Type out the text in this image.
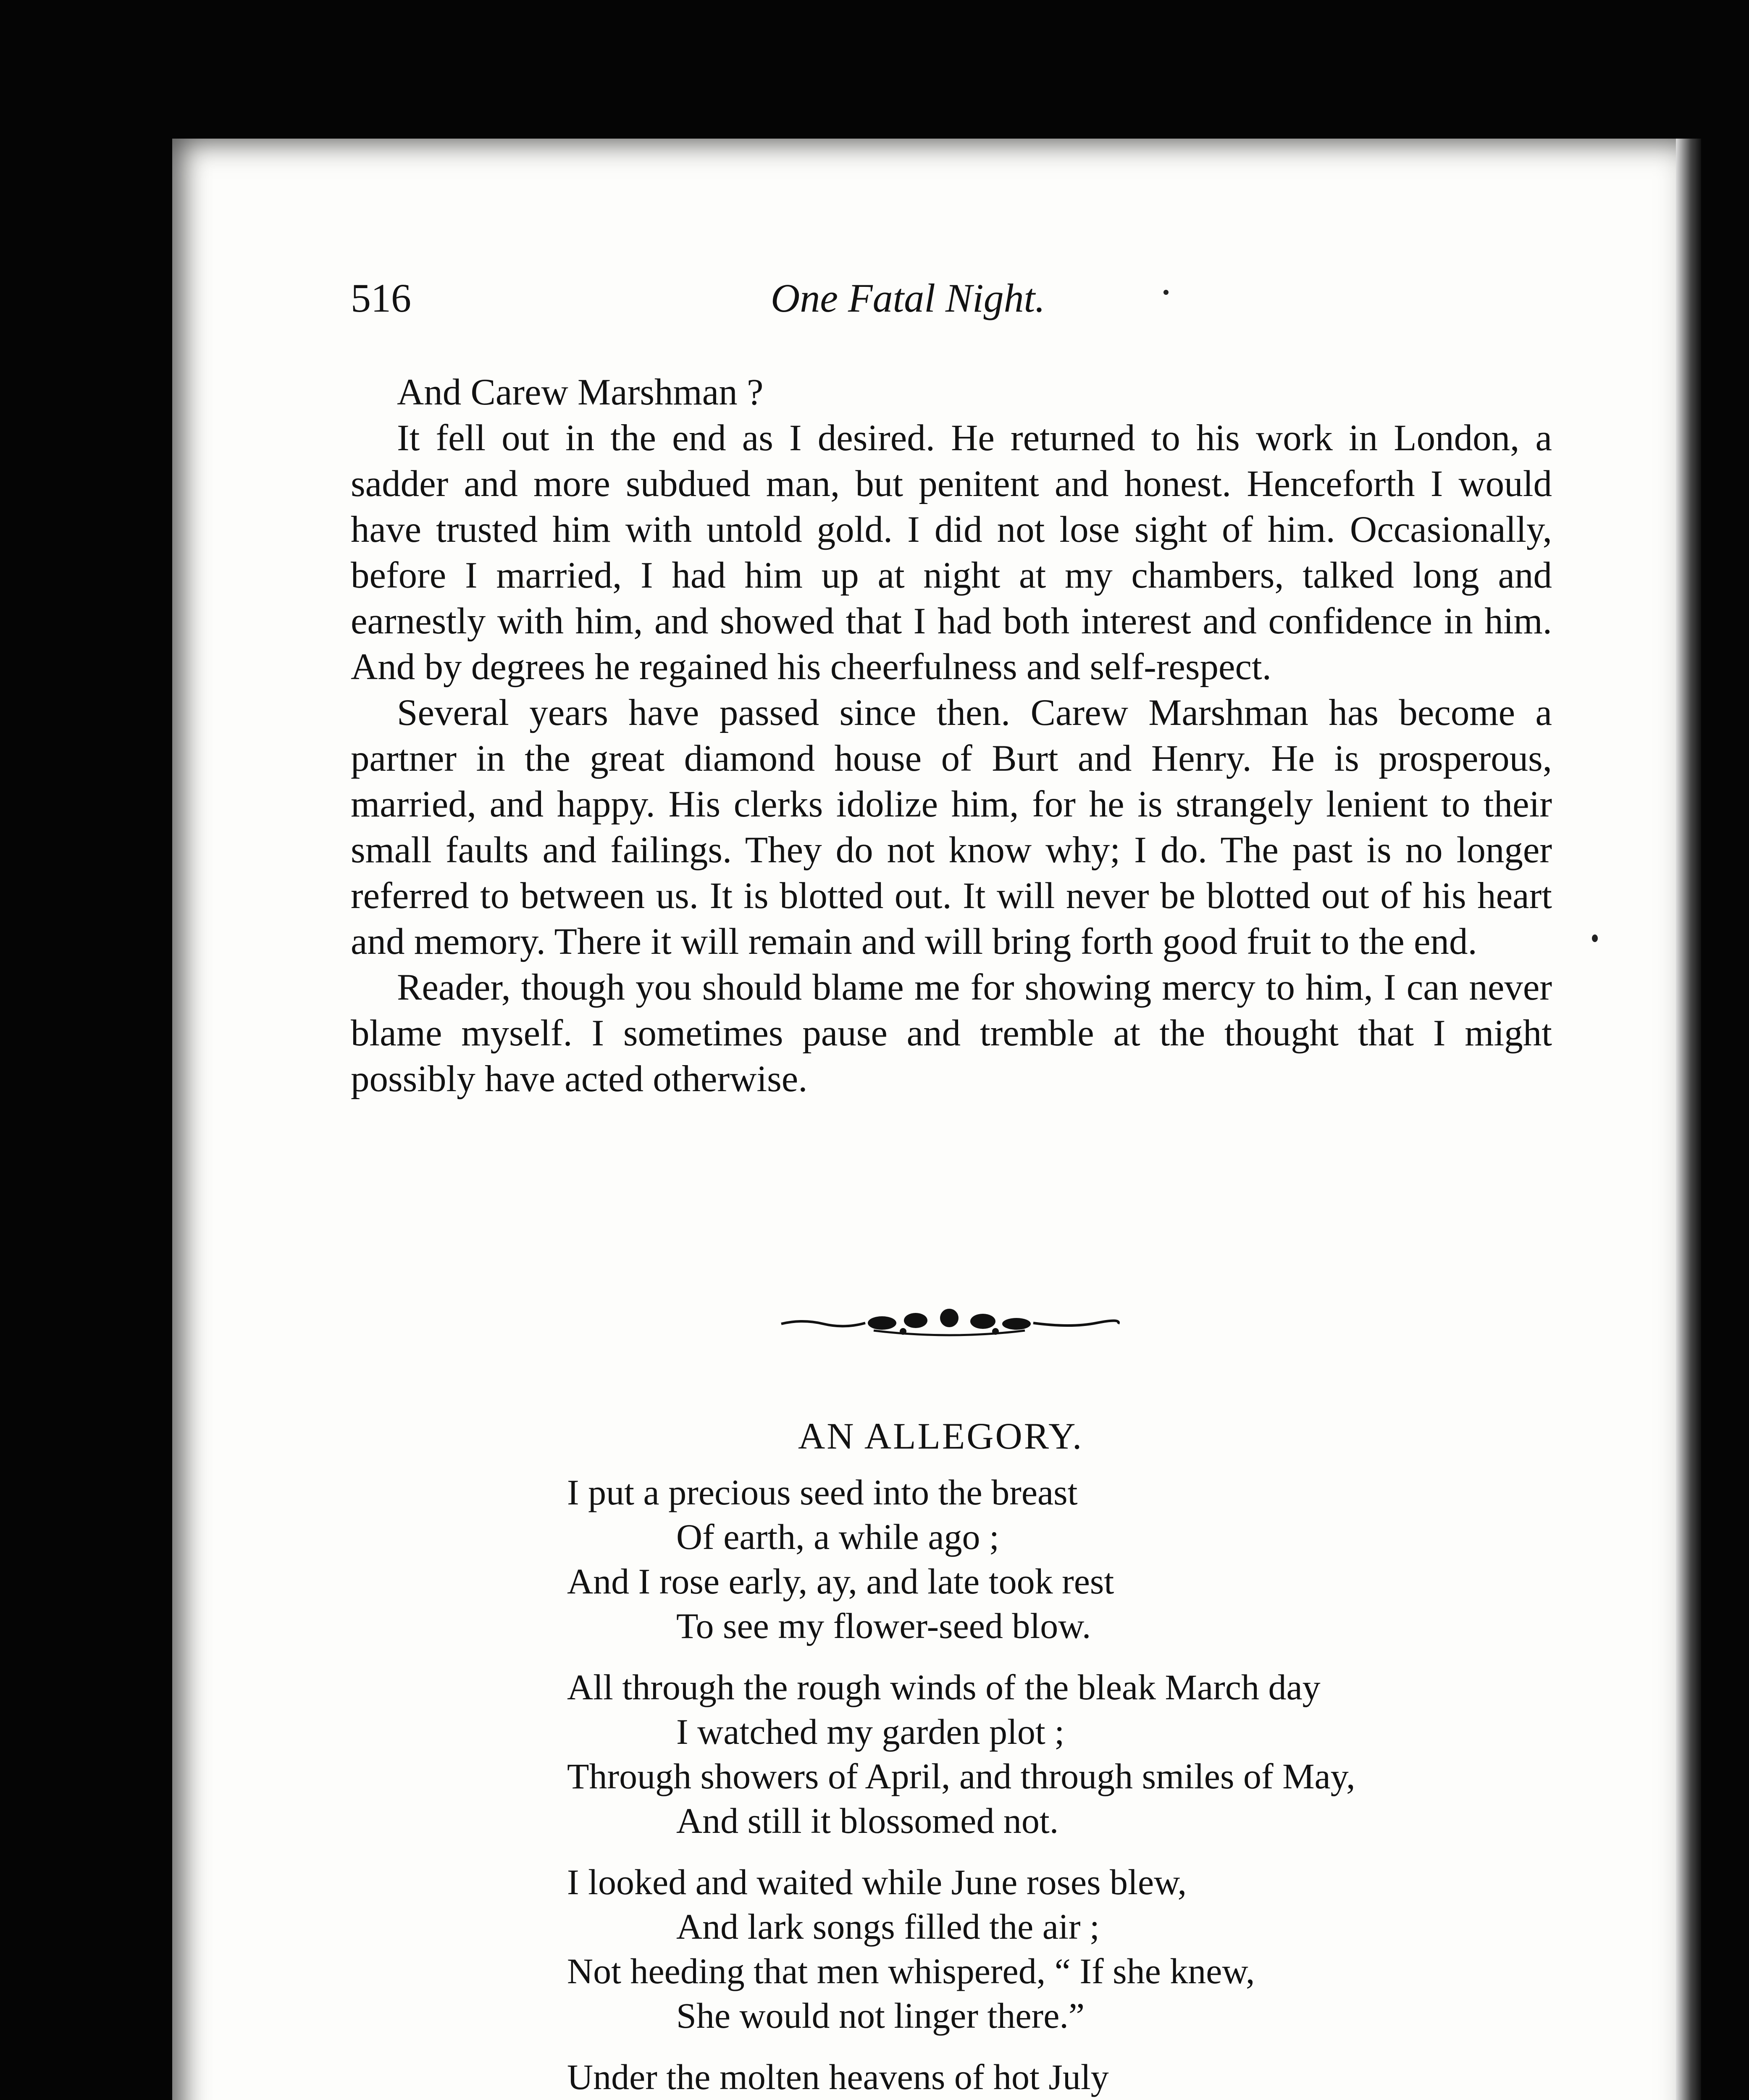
516	One Fatal Night.

And Carew Marshman ?

It fell out in the end as I desired. He returned to his work in London, a sadder and more subdued man, but penitent and honest. Henceforth I would have trusted him with untold gold. I did not lose sight of him. Occasionally, before I married, I had him up at night at my chambers, talked long and earnestly with him, and showed that I had both interest and confidence in him. And by degrees he regained his cheerfulness and self-respect.

Several years have passed since then. Carew Marshman has become a partner in the great diamond house of Burt and Henry. He is prosperous, married, and happy. His clerks idolize him, for he is strangely lenient to their small faults and failings. They do not know why; I do. The past is no longer referred to between us. It is blotted out. It will never be blotted out of his heart and memory. There it will remain and will bring forth good fruit to the end.

Reader, though you should blame me for showing mercy to him, I can never blame myself. I sometimes pause and tremble at the thought that I might possibly have acted otherwise.

AN ALLEGORY.
I put a precious seed into the breast
Of earth, a while ago ;
And I rose early, ay, and late took rest
To see my flower-seed blow.
All through the rough winds of the bleak March day
I watched my garden plot ;
Through showers of April, and through smiles of May,
And still it blossomed not.
I looked and waited while June roses blew,
And lark songs filled the air ;
Not heeding that men whispered, “ If she knew,
She would not linger there.”
Under the molten heavens of hot July
